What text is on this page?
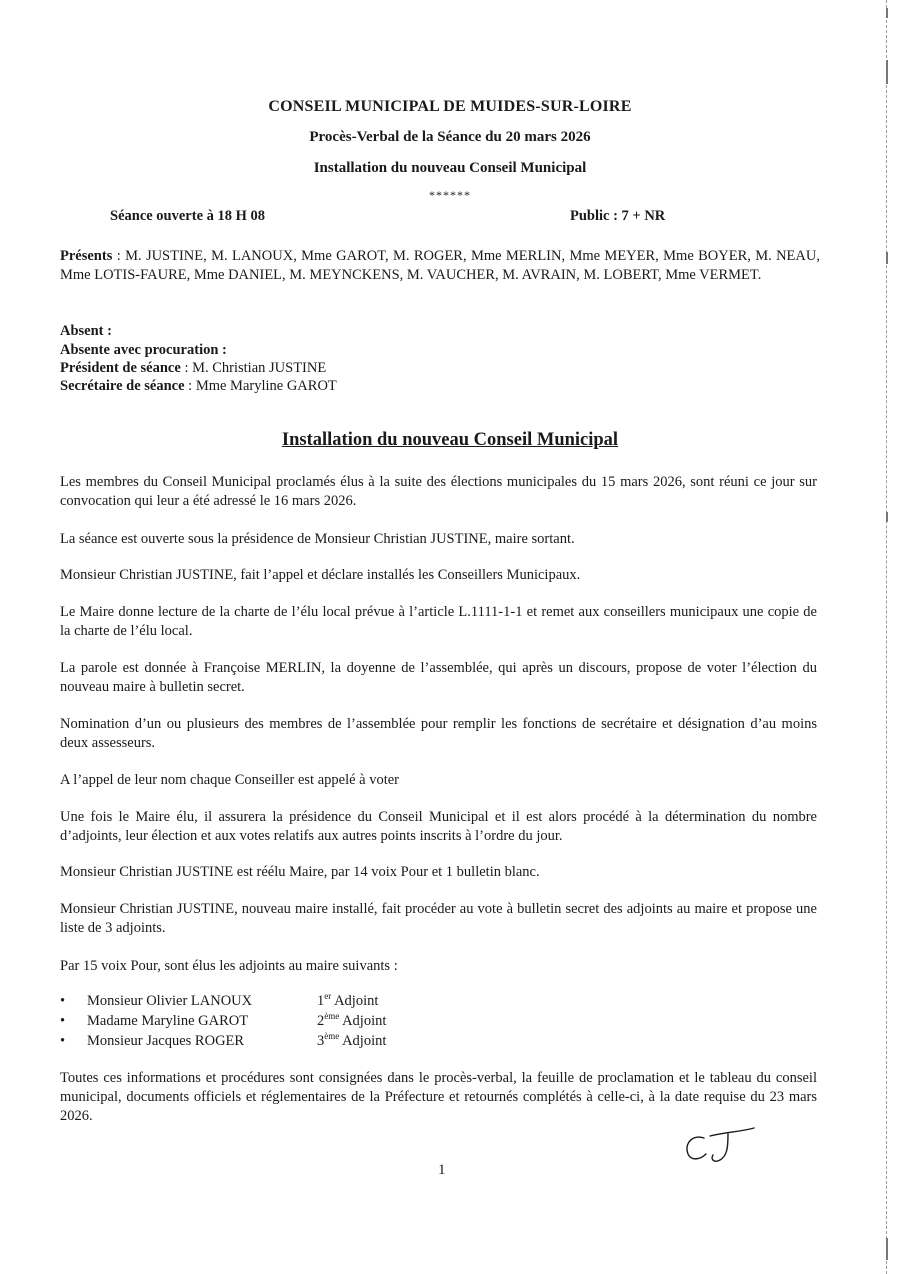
CONSEIL MUNICIPAL DE MUIDES-SUR-LOIRE
Procès-Verbal de la Séance du 20 mars 2026
Installation du nouveau Conseil Municipal
******
Séance ouverte à 18 H 08	Public : 7 + NR
Présents : M. JUSTINE, M. LANOUX, Mme GAROT, M. ROGER, Mme MERLIN, Mme MEYER, Mme BOYER, M. NEAU, Mme LOTIS-FAURE, Mme DANIEL, M. MEYNCKENS, M. VAUCHER, M. AVRAIN, M. LOBERT, Mme VERMET.
Absent :
Absente avec procuration :
Président de séance : M. Christian JUSTINE
Secrétaire de séance : Mme Maryline GAROT
Installation du nouveau Conseil Municipal
Les membres du Conseil Municipal proclamés élus à la suite des élections municipales du 15 mars 2026, sont réuni ce jour sur convocation qui leur a été adressé le 16 mars 2026.
La séance est ouverte sous la présidence de Monsieur Christian JUSTINE, maire sortant.
Monsieur Christian JUSTINE, fait l’appel et déclare installés les Conseillers Municipaux.
Le Maire donne lecture de la charte de l’élu local prévue à l’article L.1111-1-1 et remet aux conseillers municipaux une copie de la charte de l’élu local.
La parole est donnée à Françoise MERLIN, la doyenne de l’assemblée, qui après un discours, propose de voter l’élection du nouveau maire à bulletin secret.
Nomination d’un ou plusieurs des membres de l’assemblée pour remplir les fonctions de secrétaire et désignation d’au moins deux assesseurs.
A l’appel de leur nom chaque Conseiller est appelé à voter
Une fois le Maire élu, il assurera la présidence du Conseil Municipal et il est alors procédé à la détermination du nombre d’adjoints, leur élection et aux votes relatifs aux autres points inscrits à l’ordre du jour.
Monsieur Christian JUSTINE est réélu Maire, par 14 voix Pour et 1 bulletin blanc.
Monsieur Christian JUSTINE, nouveau maire installé, fait procéder au vote à bulletin secret des adjoints au maire et propose une liste de 3 adjoints.
Par 15 voix Pour, sont élus les adjoints au maire suivants :
• Monsieur Olivier LANOUX	1er Adjoint
• Madame Maryline GAROT	2ème Adjoint
• Monsieur Jacques ROGER	3ème Adjoint
Toutes ces informations et procédures sont consignées dans le procès-verbal, la feuille de proclamation et le tableau du conseil municipal, documents officiels et réglementaires de la Préfecture et retournés complétés à celle-ci, à la date requise du 23 mars 2026.
1
